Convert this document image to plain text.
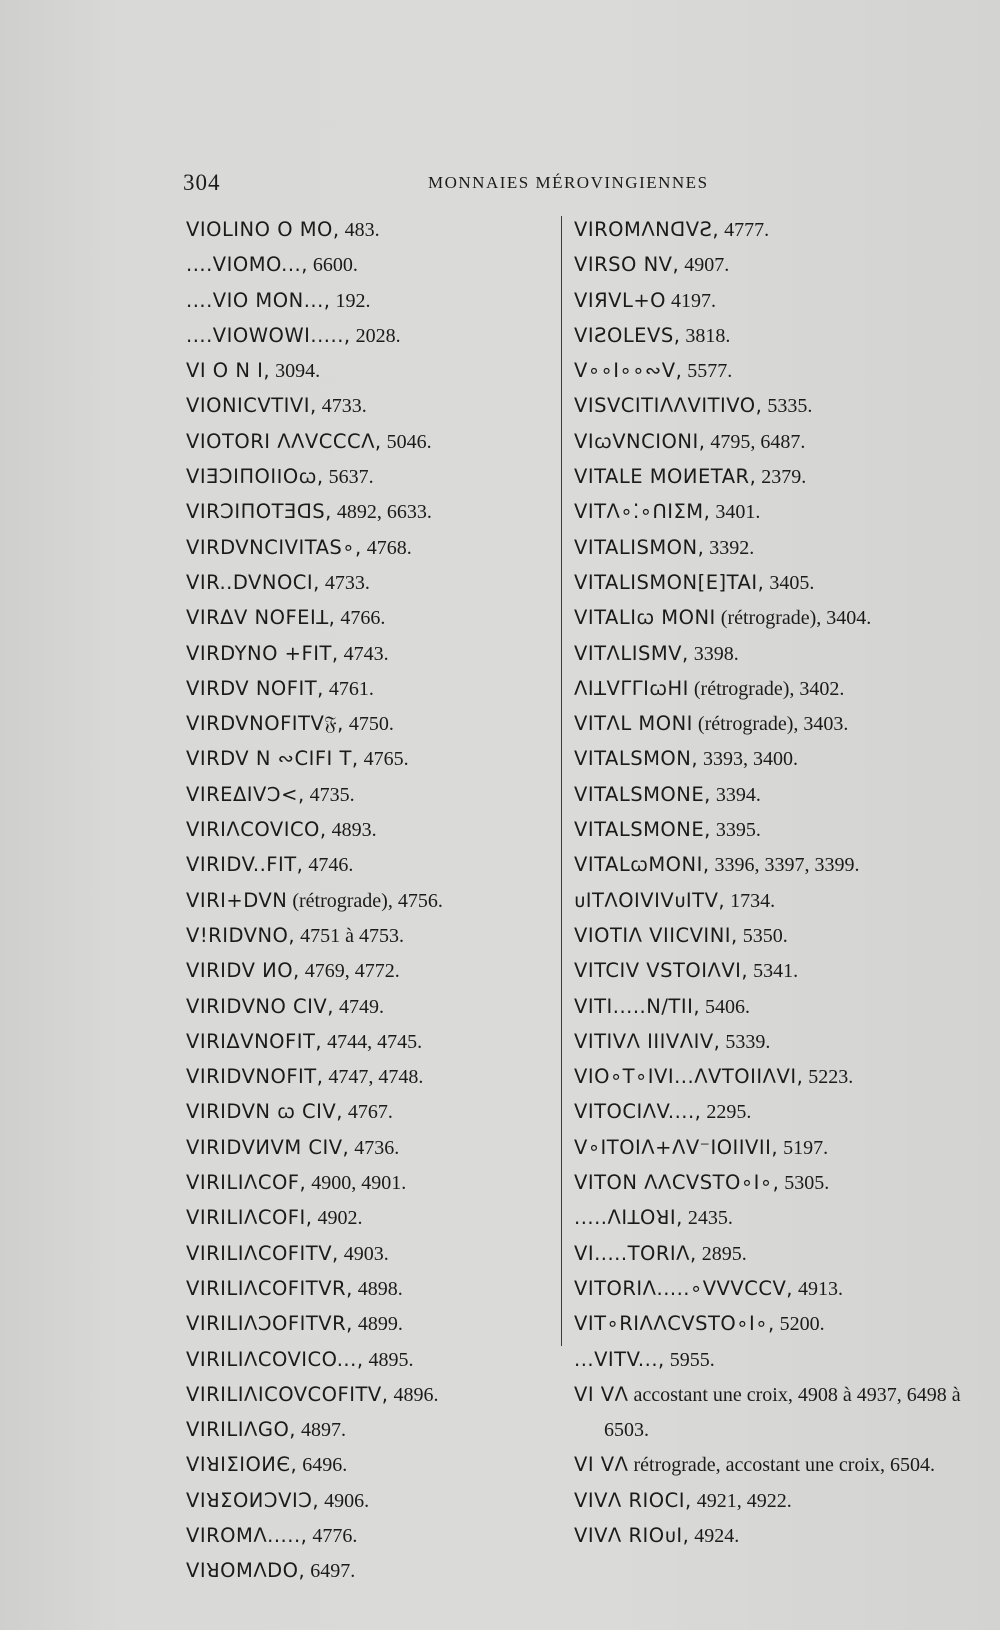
304	MONNAIES MÉROVINGIENNES
VIOLINO O MO, 483.
....VIOMO..., 6600.
....VIO MON..., 192.
....VIOWOWI....., 2028.
VI O N I, 3094.
VIONICVTIVI, 4733.
VIOTORI ΛΛVCCCΛ, 5046.
VIƎƆIΠOIꓲOꞷ, 5637.
VIRƆIΠOTƎᗡS, 4892, 6633.
VIRDVNCIVITAS∘, 4768.
VIR..DVNOCI, 4733.
VIRΔV NOFEIꓕ, 4766.
VIRDYNO +FIT, 4743.
VIRDV NOFIT, 4761.
VIRDVNOFITV𝔉, 4750.
VIRDV N ∾CIFI T, 4765.
VIREΔIVꓛ<, 4735.
VIRIΛCOVICO, 4893.
VIRIDV..FIT, 4746.
VIRI+DVN (rétrograde), 4756.
V!RIDVNO, 4751 à 4753.
VIRIDV ИO, 4769, 4772.
VIRIDVNO CIV, 4749.
VIRIΔVNOFIT, 4744, 4745.
VIRIDVNOFIT, 4747, 4748.
VIRIDVN ꞷ CIV, 4767.
VIRIDVИVM CIV, 4736.
VIRILIΛCOF, 4900, 4901.
VIRILIΛCOFI, 4902.
VIRILIΛCOFITV, 4903.
VIRILIΛCOFITVR, 4898.
VIRILIΛꓛOFITVR, 4899.
VIRILIΛCOVICO..., 4895.
VIRILIΛICOVCOFITV, 4896.
VIRILIΛGO, 4897.
VIꓤIΣIOИЄ, 6496.
VIꓤΣOИƆVIƆ, 4906.
VIROMΛ....., 4776.
VIꓤOMΛDO, 6497.
VIROMΛNᗡVƧ, 4777.
VIRSO NV, 4907.
VIЯVL+O 4197.
VIƧOLEVS, 3818.
V∘∘I∘∘∾V, 5577.
VISVCITIΛΛVITIVO, 5335.
VIꞷVNCIONI, 4795, 6487.
VITALE MOИETAR, 2379.
VITΛ∘⁚∘ꓵIΣM, 3401.
VITALISMON, 3392.
VITALISMON[E]TAI, 3405.
VITALIꞷ MONI (rétrograde), 3404.
VITΛLISMV, 3398.
ΛIꓕVΓΓIꞷHI (rétrograde), 3402.
VITΛL MONI (rétrograde), 3403.
VITALSMON, 3393, 3400.
VITALSMONE, 3394.
VITALSMONE, 3395.
VITALꞷMONI, 3396, 3397, 3399.
ᴜITΛOIVIVᴜITV, 1734.
VIOTIΛ VIICVINI, 5350.
VITCIV VSTOIΛVI, 5341.
VITI.....N/TII, 5406.
VITIVΛ IIIVΛIV, 5339.
VIO∘T∘IVI...ΛVTOIIΛVI, 5223.
VITOCIΛV...., 2295.
V∘ITOIΛ+ΛV⁻IOIIVII, 5197.
VITON ΛΛCVSTO∘I∘, 5305.
.....ΛIꓕOꓤI, 2435.
VI.....TORIΛ, 2895.
VITORIΛ.....∘VVVCCV, 4913.
VIT∘RIΛΛCVSTO∘I∘, 5200.
...VITV..., 5955.
VI VΛ accostant une croix, 4908 à 4937, 6498 à 6503.
VI VΛ rétrograde, accostant une croix, 6504.
VIVΛ RIOCI, 4921, 4922.
VIVΛ RIOᴜI, 4924.
